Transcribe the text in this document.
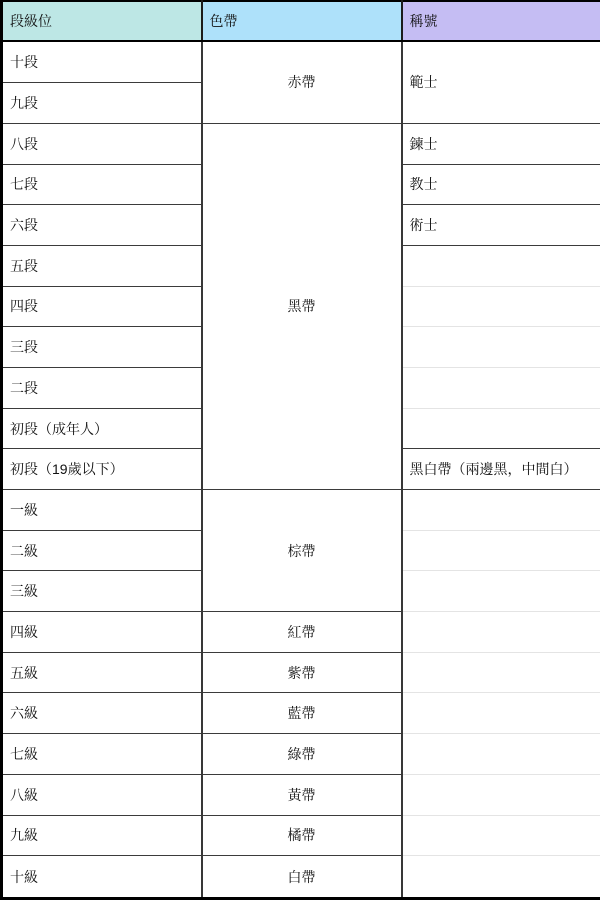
段級位	色帶	稱號	
十段	赤帶	範士	
九段			
八段	黑帶	鍊士	
七段		教士	
六段		術士	
五段			
四段			
三段			
二段			
初段（成年人）			
初段（19歲以下）		黑白帶（兩邊黑，中間白）	
一級	棕帶		
二級			
三級			
四級	紅帶		
五級	紫帶		
六級	藍帶		
七級	綠帶		
八級	黃帶		
九級	橘帶		
十級	白帶		
